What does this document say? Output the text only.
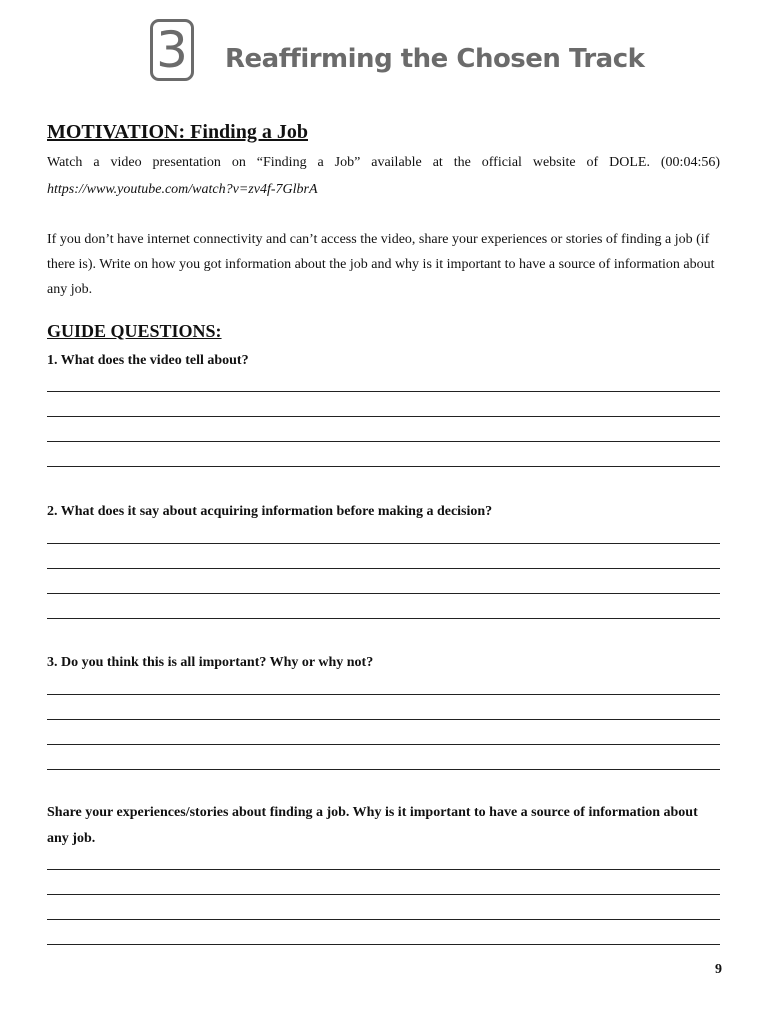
3 Reaffirming the Chosen Track
MOTIVATION: Finding a Job
Watch a video presentation on “Finding a Job” available at the official website of DOLE. (00:04:56)
https://www.youtube.com/watch?v=zv4f-7GlbrA
If you don’t have internet connectivity and can’t access the video, share your experiences or stories of finding a job (if there is). Write on how you got information about the job and why is it important to have a source of information about any job.
GUIDE QUESTIONS:
1. What does the video tell about?
2. What does it say about acquiring information before making a decision?
3. Do you think this is all important? Why or why not?
Share your experiences/stories about finding a job. Why is it important to have a source of information about any job.
9
